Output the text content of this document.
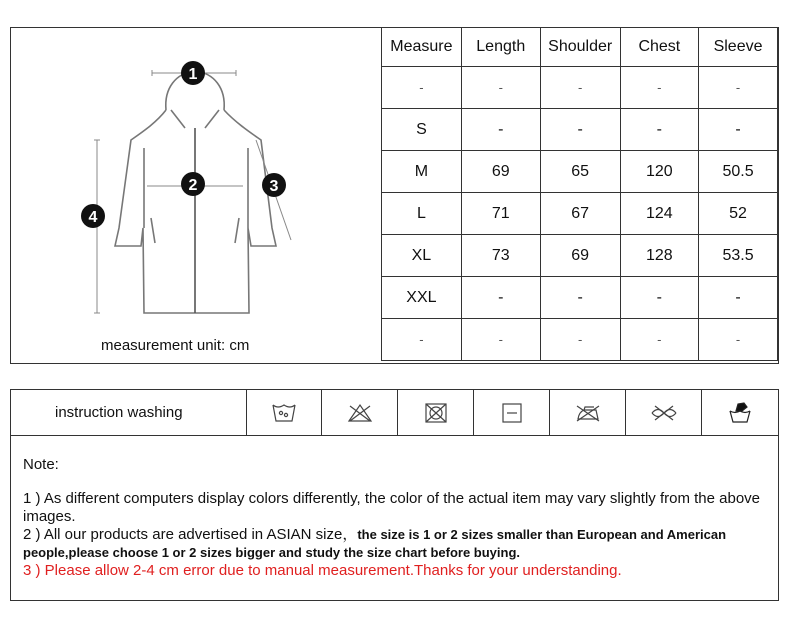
1
2	3
4
measurement unit: cm
Measure	Length	Shoulder	Chest	Sleeve
-	-	-	-	-
S	-	-	-	-
M	69	65	120	50.5
L	71	67	124	52
XL	73	69	128	53.5
XXL	-	-	-	-
-	-	-	-	-
instruction washing

Note:

1 ) As different computers display colors differently, the color of the actual item may vary slightly from the above images.

2 ) All our products are advertised in ASIAN size，the size is 1 or 2 sizes smaller than European and American people,please choose 1 or 2 sizes bigger and study the size chart before buying.

3 ) Please allow 2-4 cm error due to manual measurement.Thanks for your understanding.
